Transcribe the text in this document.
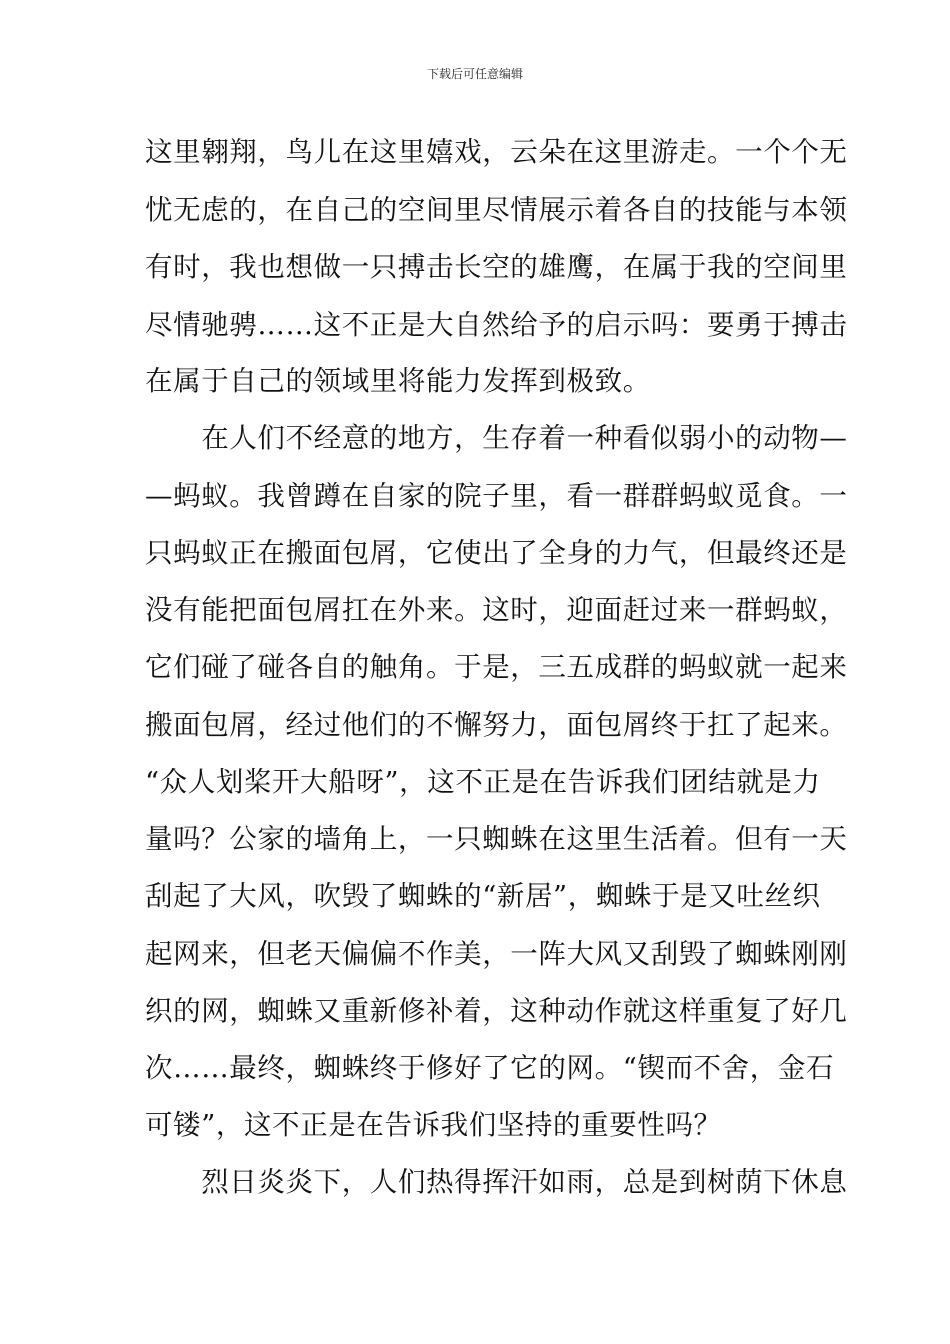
下载后可任意编辑
这里翱翔，鸟儿在这里嬉戏，云朵在这里游走。一个个无
忧无虑的，在自己的空间里尽情展示着各自的技能与本领
有时，我也想做一只搏击长空的雄鹰，在属于我的空间里
尽情驰骋……这不正是大自然给予的启示吗：要勇于搏击
在属于自己的领域里将能力发挥到极致。
　　在人们不经意的地方，生存着一种看似弱小的动物—
—蚂蚁。我曾蹲在自家的院子里，看一群群蚂蚁觅食。一
只蚂蚁正在搬面包屑，它使出了全身的力气，但最终还是
没有能把面包屑扛在外来。这时，迎面赶过来一群蚂蚁，
它们碰了碰各自的触角。于是，三五成群的蚂蚁就一起来
搬面包屑，经过他们的不懈努力，面包屑终于扛了起来。
“众人划桨开大船呀”，这不正是在告诉我们团结就是力
量吗？公家的墙角上，一只蜘蛛在这里生活着。但有一天
刮起了大风，吹毁了蜘蛛的“新居”，蜘蛛于是又吐丝织
起网来，但老天偏偏不作美，一阵大风又刮毁了蜘蛛刚刚
织的网，蜘蛛又重新修补着，这种动作就这样重复了好几
次……最终，蜘蛛终于修好了它的网。“锲而不舍，金石
可镂”，这不正是在告诉我们坚持的重要性吗？
　　烈日炎炎下，人们热得挥汗如雨，总是到树荫下休息
